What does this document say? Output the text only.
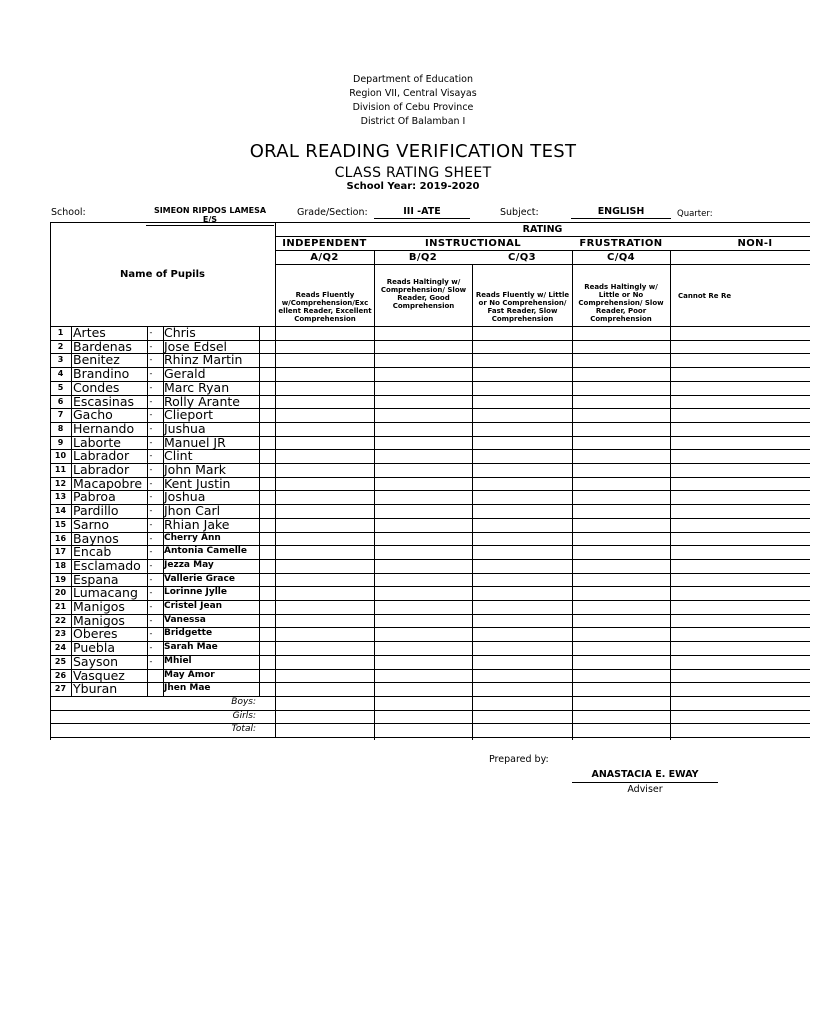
Department of Education
Region VII, Central Visayas
Division of Cebu Province
District Of Balamban I
ORAL READING VERIFICATION TEST
CLASS RATING SHEET
School Year: 2019-2020
School:	SIMEON RIPDOS LAMESA E/S
Grade/Section:	III -ATE	Subject:	ENGLISH	Quarter:
Name of Pupils
RATING
INDEPENDENT	INSTRUCTIONAL	FRUSTRATION	NON-I
A/Q2	B/Q2	C/Q3	C/Q4
Reads Fluently w/Comprehension/Exc ellent Reader, Excellent Comprehension
Reads Haltingly w/ Comprehension/ Slow Reader, Good Comprehension
Reads Fluently w/ Little or No Comprehension/ Fast Reader, Slow Comprehension
Reads Haltingly w/ Little or No Comprehension/ Slow Reader, Poor Comprehension
Cannot Re Re
1 Artes	- Chris
2 Bardenas	- Jose Edsel
3 Benitez	- Rhinz Martin
4 Brandino	- Gerald
5 Condes	- Marc Ryan
6 Escasinas	- Rolly Arante
7 Gacho	- Clieport
8 Hernando	- Jushua
9 Laborte	- Manuel JR
10 Labrador	- Clint
11 Labrador	- John Mark
12 Macapobre - Kent Justin
13 Pabroa	- Joshua
14 Pardillo	- Jhon Carl
15 Sarno	- Rhian Jake
16 Baynos	- Cherry Ann
17 Encab	- Antonia Camelle
18 Esclamado	- Jezza May
19 Espana	- Vallerie Grace
20 Lumacang	- Lorinne Jylle
21 Manigos	- Cristel Jean
22 Manigos	- Vanessa
23 Oberes	- Bridgette
24 Puebla	- Sarah Mae
25 Sayson	- Mhiel
26 Vasquez	May Amor
27 Yburan	Jhen Mae
Boys:
Girls:
Total:
Prepared by:
ANASTACIA E. EWAY
Adviser
